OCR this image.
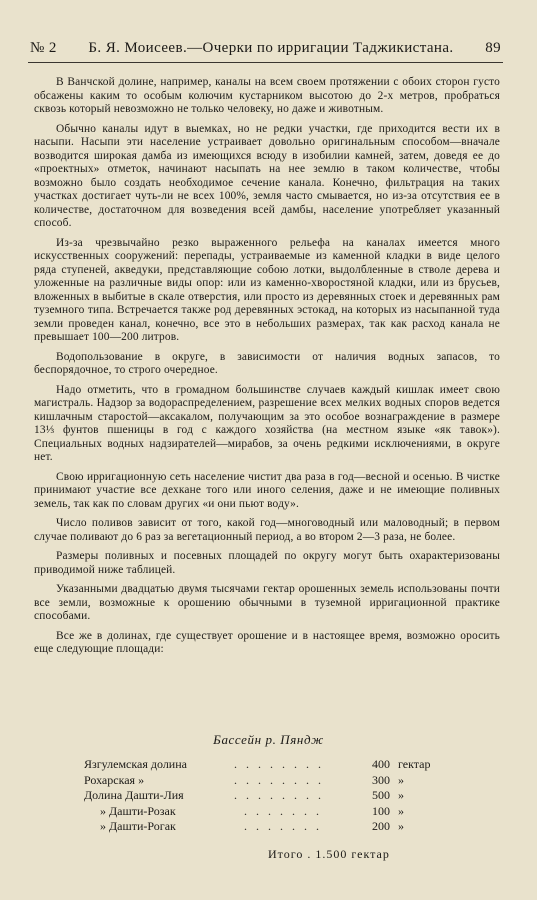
№ 2	Б. Я. Моисеев.—Очерки по ирригации Таджикистана.	89

В Ванчской долине, например, каналы на всем своем протяжении с обоих сторон густо обсажены каким то особым колючим кустарником высотою до 2-х метров, пробраться сквозь который невозможно не только человеку, но даже и животным.

Обычно каналы идут в выемках, но не редки участки, где приходится вести их в насыпи. Насыпи эти население устраивает довольно оригинальным способом—вначале возводится широкая дамба из имеющихся всюду в изобилии камней, затем, доведя ее до «проектных» отметок, начинают насыпать на нее землю в таком количестве, чтобы возможно было создать необходимое сечение канала. Конечно, фильтрация на таких участках достигает чуть-ли не всех 100%, земля часто смывается, но из-за отсутствия ее в количестве, достаточном для возведения всей дамбы, население употребляет указанный способ.

Из-за чрезвычайно резко выраженного рельефа на каналах имеется много искусственных сооружений: перепады, устраиваемые из каменной кладки в виде целого ряда ступеней, акведуки, представляющие собою лотки, выдолбленные в стволе дерева и уложенные на различные виды опор: или из каменно-хворостяной кладки, или из брусьев, вложенных в выбитые в скале отверстия, или просто из деревянных стоек и деревянных рам туземного типа. Встречается также род деревянных эстокад, на которых из насыпанной туда земли проведен канал, конечно, все это в небольших размерах, так как расход канала не превышает 100—200 литров.

Водопользование в округе, в зависимости от наличия водных запасов, то беспорядочное, то строго очередное.

Надо отметить, что в громадном большинстве случаев каждый кишлак имеет свою магистраль. Надзор за водораспределением, разрешение всех мелких водных споров ведется кишлачным старостой—аксакалом, получающим за это особое вознаграждение в размере 13⅓ фунтов пшеницы в год с каждого хозяйства (на местном языке «як тавок»). Специальных водных надзирателей—мирабов, за очень редкими исключениями, в округе нет.

Свою ирригационную сеть население чистит два раза в год—весной и осенью. В чистке принимают участие все дехкане того или иного селения, даже и не имеющие поливных земель, так как по словам других «и они пьют воду».

Число поливов зависит от того, какой год—многоводный или маловодный; в первом случае поливают до 6 раз за вегетационный период, а во втором 2—3 раза, не более.

Размеры поливных и посевных площадей по округу могут быть охарактеризованы приводимой ниже таблицей.

Указанными двадцатью двумя тысячами гектар орошенных земель использованы почти все земли, возможные к орошению обычными в тузeмной ирригационной практике способами.

Все же в долинах, где существует орошение и в настоящее время, возможно оросить еще следующие площади:

Бассейн р. Пяндж
Язгулемская долина	. . . . . . . .	400 гектар
Рохарская »	. . . . . . . .	300 »
Долина Дашти-Лия	. . . . . . . .	500 »
» Дашти-Розак	. . . . . . .	100 »
» Дашти-Рогак	. . . . . . .	200 »
Итого . 1.500 гектар
